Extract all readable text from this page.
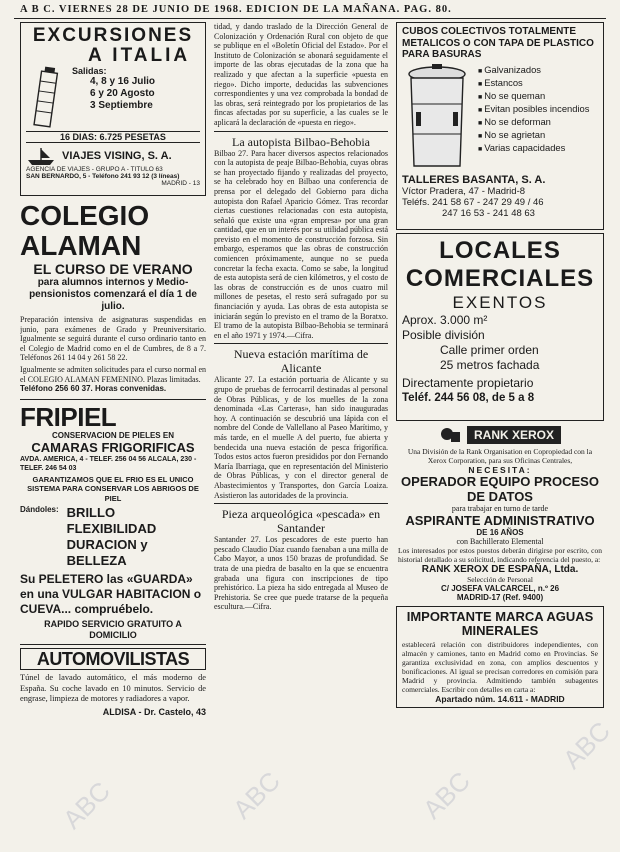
A B C. VIERNES 28 DE JUNIO DE 1968. EDICION DE LA MAÑANA. PAG. 80.
EXCURSIONES
A ITALIA
Salidas:
4, 8 y 16 Julio
6 y 20 Agosto
3 Septiembre
16 DIAS: 6.725 PESETAS
VIAJES VISING, S. A.
AGENCIA DE VIAJES - GRUPO A - TITULO 63
SAN BERNARDO, 5 - Teléfono 241 93 12 (3 líneas)
MADRID - 13
COLEGIO ALAMAN
EL CURSO DE VERANO

para alumnos internos y Medio-pensionistos comenzará el día 1 de julio.

Preparación intensiva de asignaturas suspendidas en junio, para exámenes de Grado y Preuniversitario. Igualmente se seguirá durante el curso ordinario tanto en el Colegio de Madrid como en el de Cumbres, de 8 a 7. Teléfonos 261 14 04 y 261 58 22.

Igualmente se admiten solicitudes para el curso normal en el COLEGIO ALAMAN FEMENINO. Plazas limitadas.

Teléfono 256 60 37. Horas convenidas.

FRIPIEL
CONSERVACION DE PIELES EN
CAMARAS FRIGORIFICAS
AVDA. AMERICA, 4 - TELEF. 256 04 56 ALCALA, 230 - TELEF. 246 54 03
GARANTIZAMOS QUE EL FRIO ES EL UNICO SISTEMA PARA CONSERVAR LOS ABRIGOS DE PIEL
Dándoles: BRILLO
FLEXIBILIDAD
DURACION y
BELLEZA

Su PELETERO las «GUARDA» en una VULGAR HABITACION o CUEVA... compruébelo.

RAPIDO SERVICIO GRATUITO A DOMICILIO

AUTOMOVILISTAS

Túnel de lavado automático, el más moderno de España. Su coche lavado en 10 minutos. Servicio de engrase, limpieza de motores y radiadores a vapor.

ALDISA - Dr. Castelo, 43

tidad, y dando traslado de la Dirección General de Colonización y Ordenación Rural con objeto de que se publique en el «Boletín Oficial del Estado». Por el Instituto de Colonización se abonará seguidamente el importe de las obras ejecutadas de la zona que ha realizado y que afectan a la superficie «puesta en riego». Dicho importe, deducidas las subvenciones correspondientes y una vez comprobada la bondad de las obras, será reintegrado por los propietarios de las fincas afectadas por su superficie, a las cuales se le aplicará la declaración de «puesta en riego».

La autopista Bilbao-Behobia

Bilbao 27. Para hacer diversos aspectos relacionados con la autopista de peaje Bilbao-Behobia, cuyas obras se han proyectado fijando y realizadas del proyecto, se ha celebrado hoy en Bilbao una conferencia de prensa por el delegado del Gobierno para dicha autopista don Rafael Aparicio Gómez. Tras recordar ciertas cuestiones relacionadas con esta autopista, señaló que existe una «gran empresa» por una gran cantidad, que en un interés por su utilidad pública está previsto en el momento de construcción forzosa. Sin embargo, esperamos que las obras de construcción comiencen próximamente, aunque no se pueda concretar la fecha exacta. Como se sabe, la longitud de esta autopista será de cien kilómetros, y el costo de las obras de construcción es de unos cuatro mil millones de pesetas, el resto será sufragado por su financiación y ayuda. Las obras de esta autopista se iniciarán según lo previsto en el tramo de la Boratxo. El tramo de la autopista Bilbao-Behobia se terminará en el año 1971 y 1974.—Cifra.

Nueva estación marítima de Alicante

Alicante 27. La estación portuaria de Alicante y su grupo de pruebas de ferrocarril destinadas al personal de Obras Públicas, y de los muelles de la zona denominada «Las Carteras», han sido inauguradas hoy. A continuación se descubrió una lápida con el nombre del Conde de Vallellano al Paseo Marítimo, y más tarde, en el muelle A del puerto, fue abierta y bendecida una nueva estación de pesca frigorífica. Todos estos actos fueron presididos por don Fernando María Ibarriaga, que en representación del Ministerio de Obras Públicas, y con el director general de Abastecimientos y Transportes, don García Loaiza. Asistieron las autoridades de la provincia.

Pieza arqueológica «pescada» en Santander

Santander 27. Los pescadores de este puerto han pescado Claudio Díaz cuando faenaban a una milla de Cabo Mayor, a unos 150 brazas de profundidad. Se trata de una piedra de basalto en la que se encuentra grabada una figura con inscripciones de tipo prehistórico. La pieza ha sido entregada al Museo de Prehistoria. Se cree que puede tratarse de la pequeña escultura.—Cifra.

CUBOS COLECTIVOS TOTALMENTE METALICOS O CON TAPA DE PLASTICO PARA BASURAS
■ Galvanizados
■ Estancos
■ No se queman
■ Evitan posibles incendios
■ No se deforman
■ No se agrietan
■ Varias capacidades
TALLERES BASANTA, S. A.
Víctor Pradera, 47 - Madrid-8
Teléfs. 241 58 67 - 247 29 49 / 46
247 16 53 - 241 48 63
LOCALES
COMERCIALES
EXENTOS
Aprox. 3.000 m²
Posible división
Calle primer orden
25 metros fachada
Directamente propietario
Teléf. 244 56 08, de 5 a 8
RANK XEROX

Una División de la Rank Organisation en Copropiedad con la Xerox Corporation, para sus Oficinas Centrales,

NECESITA:
OPERADOR EQUIPO PROCESO DE DATOS
para trabajar en turno de tarde
ASPIRANTE ADMINISTRATIVO
DE 16 AÑOS
con Bachillerato Elemental

Los interesados por estos puestos deberán dirigirse por escrito, con historial detallado a su solicitud, indicando referencia del puesto, a:

RANK XEROX DE ESPAÑA, Ltda.
Selección de Personal
C/ JOSEFA VALCARCEL, n.º 26
MADRID-17 (Ref. 9400)
IMPORTANTE MARCA AGUAS MINERALES

establecerá relación con distribuidores independientes, con almacén y camiones, tanto en Madrid como en Provincias. Se garantiza exclusividad en zona, con amplios descuentos y bonificaciones. Al igual se precisan corredores en comisión para Madrid y provincia. Admitiendo también subagentes comerciales. Escribir con detalles en carta a:

Apartado núm. 14.611 - MADRID
ABC	ABC	ABC
ABC
